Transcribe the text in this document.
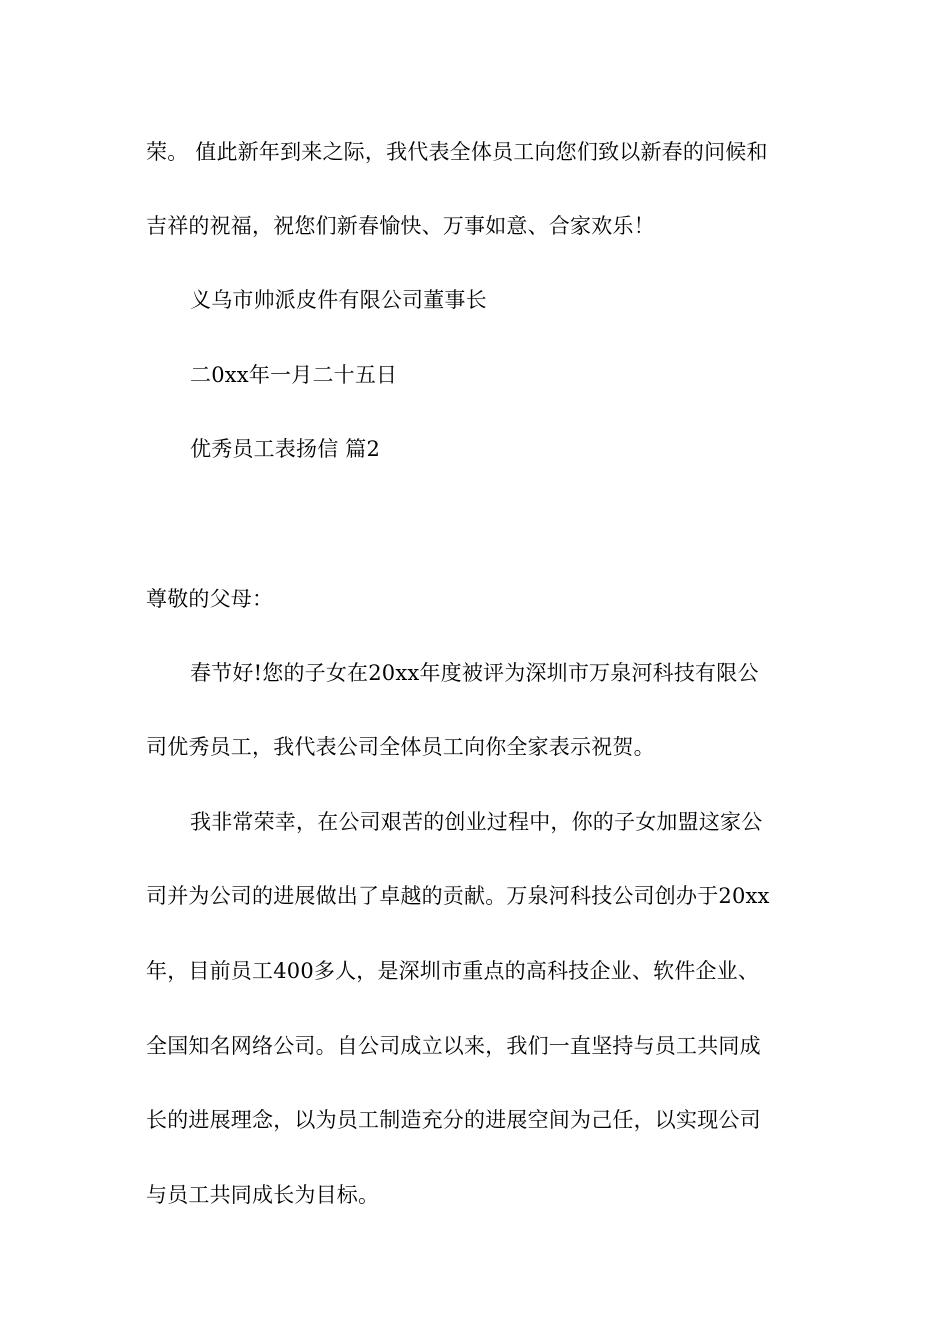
荣。 值此新年到来之际，我代表全体员工向您们致以新春的问候和
吉祥的祝福，祝您们新春愉快、万事如意、合家欢乐！
义乌市帅派皮件有限公司董事长
二0xx年一月二十五日
优秀员工表扬信 篇2
尊敬的父母：
春节好!您的子女在20xx年度被评为深圳市万泉河科技有限公
司优秀员工，我代表公司全体员工向你全家表示祝贺。
我非常荣幸，在公司艰苦的创业过程中，你的子女加盟这家公
司并为公司的进展做出了卓越的贡献。万泉河科技公司创办于20xx
年，目前员工400多人，是深圳市重点的高科技企业、软件企业、
全国知名网络公司。自公司成立以来，我们一直坚持与员工共同成
长的进展理念，以为员工制造充分的进展空间为己任，以实现公司
与员工共同成长为目标。
